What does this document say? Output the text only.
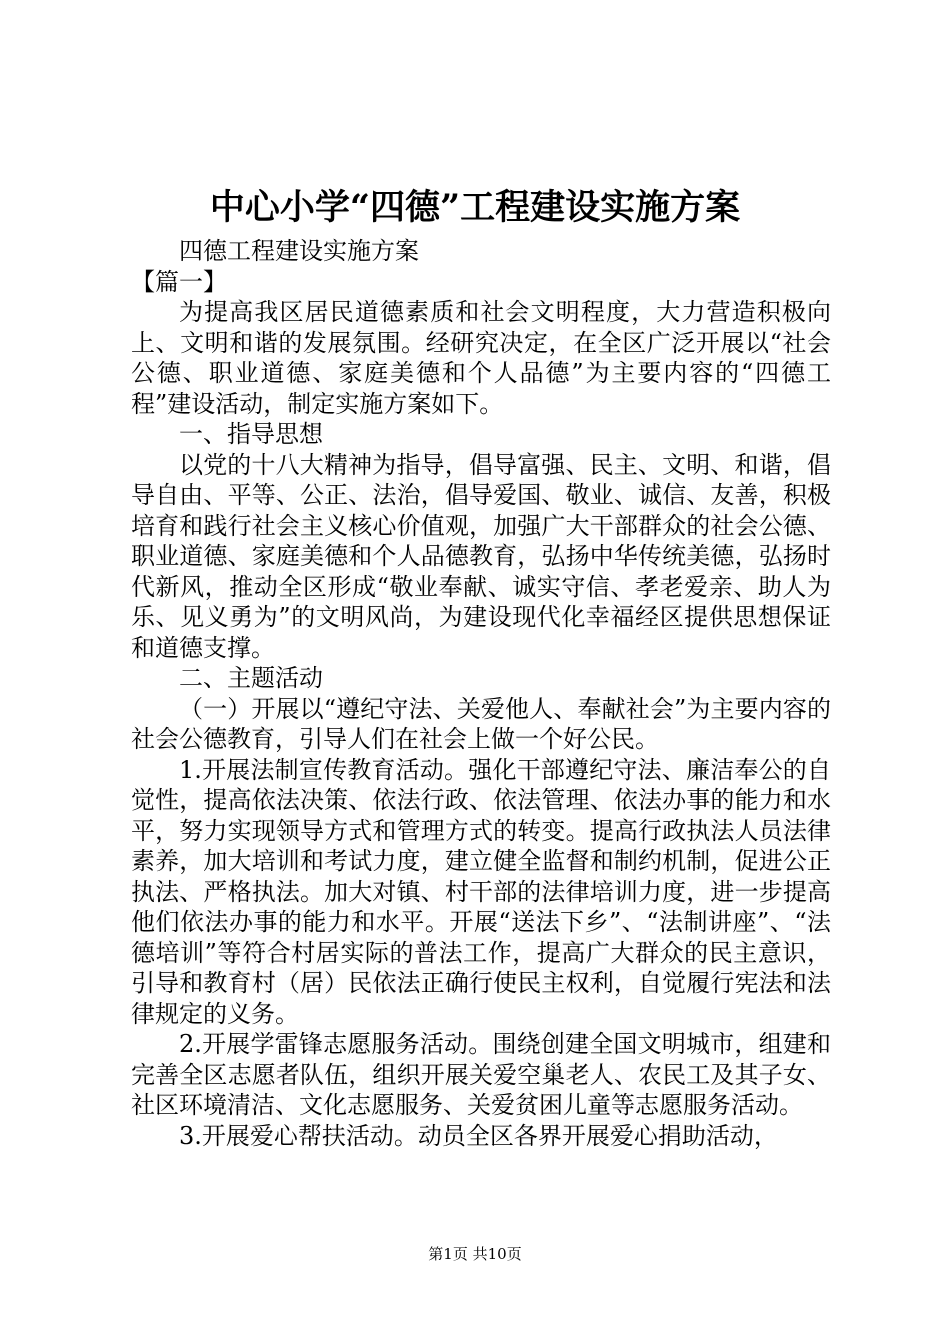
中心小学“四德”工程建设实施方案

四德工程建设实施方案

【篇一】

为提高我区居民道德素质和社会文明程度，大力营造积极向上、文明和谐的发展氛围。经研究决定，在全区广泛开展以“社会公德、职业道德、家庭美德和个人品德”为主要内容的“四德工程”建设活动，制定实施方案如下。

一、指导思想

以党的十八大精神为指导，倡导富强、民主、文明、和谐，倡导自由、平等、公正、法治，倡导爱国、敬业、诚信、友善，积极培育和践行社会主义核心价值观，加强广大干部群众的社会公德、职业道德、家庭美德和个人品德教育，弘扬中华传统美德，弘扬时代新风，推动全区形成“敬业奉献、诚实守信、孝老爱亲、助人为乐、见义勇为”的文明风尚，为建设现代化幸福经区提供思想保证和道德支撑。

二、主题活动

（一）开展以“遵纪守法、关爱他人、奉献社会”为主要内容的社会公德教育，引导人们在社会上做一个好公民。

1.开展法制宣传教育活动。强化干部遵纪守法、廉洁奉公的自觉性，提高依法决策、依法行政、依法管理、依法办事的能力和水平，努力实现领导方式和管理方式的转变。提高行政执法人员法律素养，加大培训和考试力度，建立健全监督和制约机制，促进公正执法、严格执法。加大对镇、村干部的法律培训力度，进一步提高他们依法办事的能力和水平。开展“送法下乡”、“法制讲座”、“法德培训”等符合村居实际的普法工作，提高广大群众的民主意识，引导和教育村（居）民依法正确行使民主权利，自觉履行宪法和法律规定的义务。

2.开展学雷锋志愿服务活动。围绕创建全国文明城市，组建和完善全区志愿者队伍，组织开展关爱空巢老人、农民工及其子女、社区环境清洁、文化志愿服务、关爱贫困儿童等志愿服务活动。

3.开展爱心帮扶活动。动员全区各界开展爱心捐助活动，

第1页 共10页
